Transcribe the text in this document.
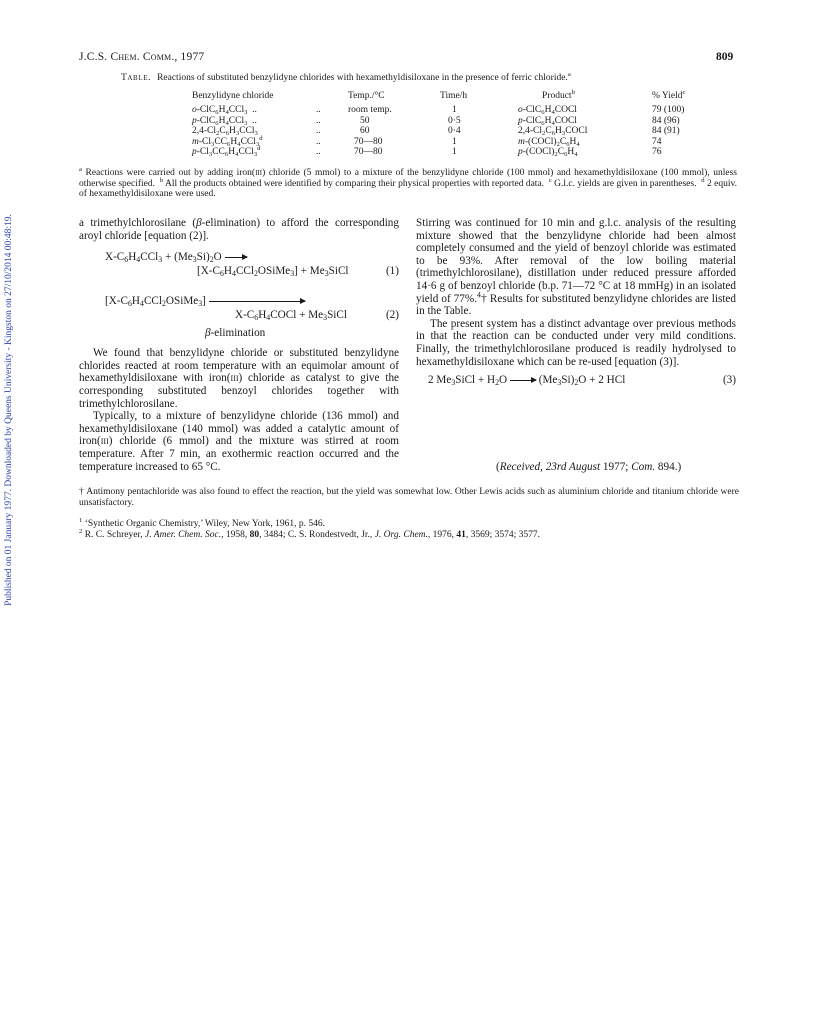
Published on 01 January 1977. Downloaded by Queens University - Kingston on 27/10/2014 00:48:19.
J.C.S. Chem. Comm., 1977	809
Table. Reactions of substituted benzylidyne chlorides with hexamethyldisiloxane in the presence of ferric chloride.$^a$
Benzylidyne chloride		Temp./°C	Time/h	Product$^b$	% Yield$^c$
$o-ClC_6H_4CCl_3$  ..	..	room temp.	1	$o-ClC_6H_4COCl$	79 (100)
$p-ClC_6H_4CCl_3$  ..	..	50	0·5	$p-ClC_6H_4COCl$	84 (96)
$2,4-Cl_2C_6H_3CCl_3$	..	60	0·4	$2,4-Cl_2C_6H_3COCl$	84 (91)
$m-Cl_3CC_6H_4CCl_3^d$	..	70—80	1	$m-(COCl)_2C_6H_4$	74
$p-Cl_3CC_6H_4CCl_3^d$	..	70—80	1	$p-(COCl)_2C_6H_4$	76
$^a$ Reactions were carried out by adding iron(iii) chloride (5 mmol) to a mixture of the benzylidyne chloride (100 mmol) and hexamethyldisiloxane (100 mmol), unless otherwise specified.  $^b$ All the products obtained were identified by comparing their physical properties with reported data.  $^c$ G.l.c. yields are given in parentheses.  $^d$ 2 equiv. of hexamethyldisiloxane were used.

a trimethylchlorosilane (β-elimination) to afford the corresponding aroyl chloride [equation (2)].

$X-C_6H_4CCl_3 + (Me_3Si)_2O$ →
$[X-C_6H_4CCl_2OSiMe_3]$ + $Me_3SiCl$	(1)
$[X-C_6H_4CCl_2OSiMe_3]$
$X-C_6H_4COCl$ + $Me_3SiCl$	(2)
β-elimination

We found that benzylidyne chloride or substituted benzylidyne chlorides reacted at room temperature with an equimolar amount of hexamethyldisiloxane with iron(iii) chloride as catalyst to give the corresponding substituted benzoyl chlorides together with trimethylchlorosilane.

Typically, to a mixture of benzylidyne chloride (136 mmol) and hexamethyldisiloxane (140 mmol) was added a catalytic amount of iron(iii) chloride (6 mmol) and the mixture was stirred at room temperature. After 7 min, an exothermic reaction occurred and the temperature increased to 65 °C.

Stirring was continued for 10 min and g.l.c. analysis of the resulting mixture showed that the benzylidyne chloride had been almost completely consumed and the yield of benzoyl chloride was estimated to be 93%. After removal of the low boiling material (trimethylchlorosilane), distillation under reduced pressure afforded 14·6 g of benzoyl chloride (b.p. 71—72 °C at 18 mmHg) in an isolated yield of 77%.$^4$† Results for substituted benzylidyne chlorides are listed in the Table.

The present system has a distinct advantage over previous methods in that the reaction can be conducted under very mild conditions. Finally, the trimethylchlorosilane produced is readily hydrolysed to hexamethyldisiloxane which can be re-used [equation (3)].

2 $Me_3SiCl + H_2O \to (Me_3Si)_2O + 2$ HCl	(3)
(Received, 23rd August 1977; Com. 894.)
† Antimony pentachloride was also found to effect the reaction, but the yield was somewhat low. Other Lewis acids such as aluminium chloride and titanium chloride were unsatisfactory.
$^1$ ‘Synthetic Organic Chemistry,’ Wiley, New York, 1961, p. 546.
$^2$ R. C. Schreyer, J. Amer. Chem. Soc., 1958, 80, 3484; C. S. Rondestvedt, Jr., J. Org. Chem., 1976, 41, 3569; 3574; 3577.
